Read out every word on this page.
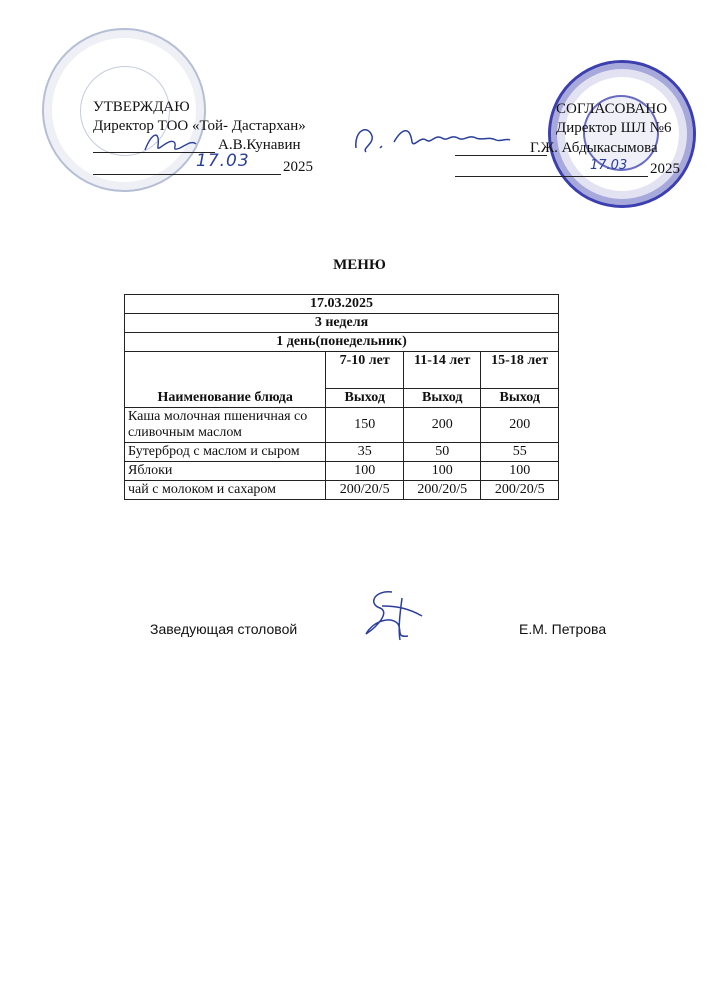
УТВЕРЖДАЮ
Директор ТОО «Той- Дастархан»
А.В.Кунавин
2025
17.03
СОГЛАСОВАНО
Директор ШЛ №6
Г.Ж. Абдыкасымова
2025
17.03
МЕНЮ
17.03.2025			
3 неделя			
1 день(понедельник)			
Наименование блюда	7-10 лет	11-14 лет	15-18 лет
	Выход	Выход	Выход
Каша молочная пшеничная со сливочным маслом	150	200	200
Бутерброд с маслом и сыром	35	50	55
Яблоки	100	100	100
чай с молоком и сахаром	200/20/5	200/20/5	200/20/5
Заведующая столовой	Е.М. Петрова
